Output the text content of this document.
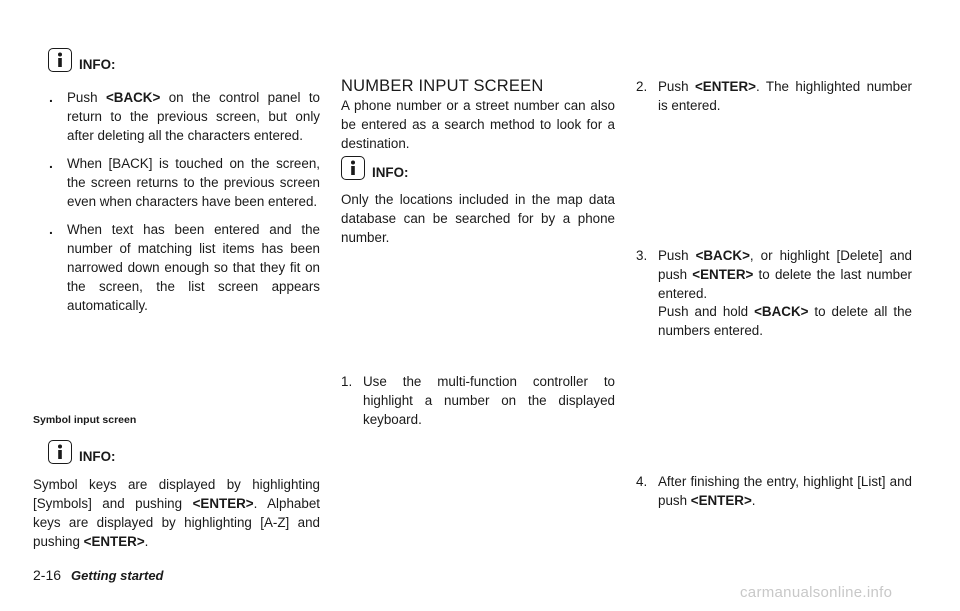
INFO:
.	Push <BACK> on the control panel to return to the previous screen, but only after deleting all the characters entered.
.	When [BACK] is touched on the screen, the screen returns to the previous screen even when characters have been entered.
.	When text has been entered and the number of matching list items has been narrowed down enough so that they fit on the screen, the list screen appears automatically.
Symbol input screen
INFO:

Symbol keys are displayed by highlighting [Symbols] and pushing <ENTER>. Alphabet keys are displayed by highlighting [A-Z] and pushing <ENTER>.

NUMBER INPUT SCREEN

A phone number or a street number can also be entered as a search method to look for a destination.

INFO:

Only the locations included in the map data database can be searched for by a phone number.

1. Use the multi-function controller to highlight a number on the displayed keyboard.
2. Push <ENTER>. The highlighted number is entered.
3. Push <BACK>, or highlight [Delete] and push <ENTER> to delete the last number entered.

Push and hold <BACK> to delete all the numbers entered.

4. After finishing the entry, highlight [List] and push <ENTER>.
2-16 Getting started
carmanualsonline.info
